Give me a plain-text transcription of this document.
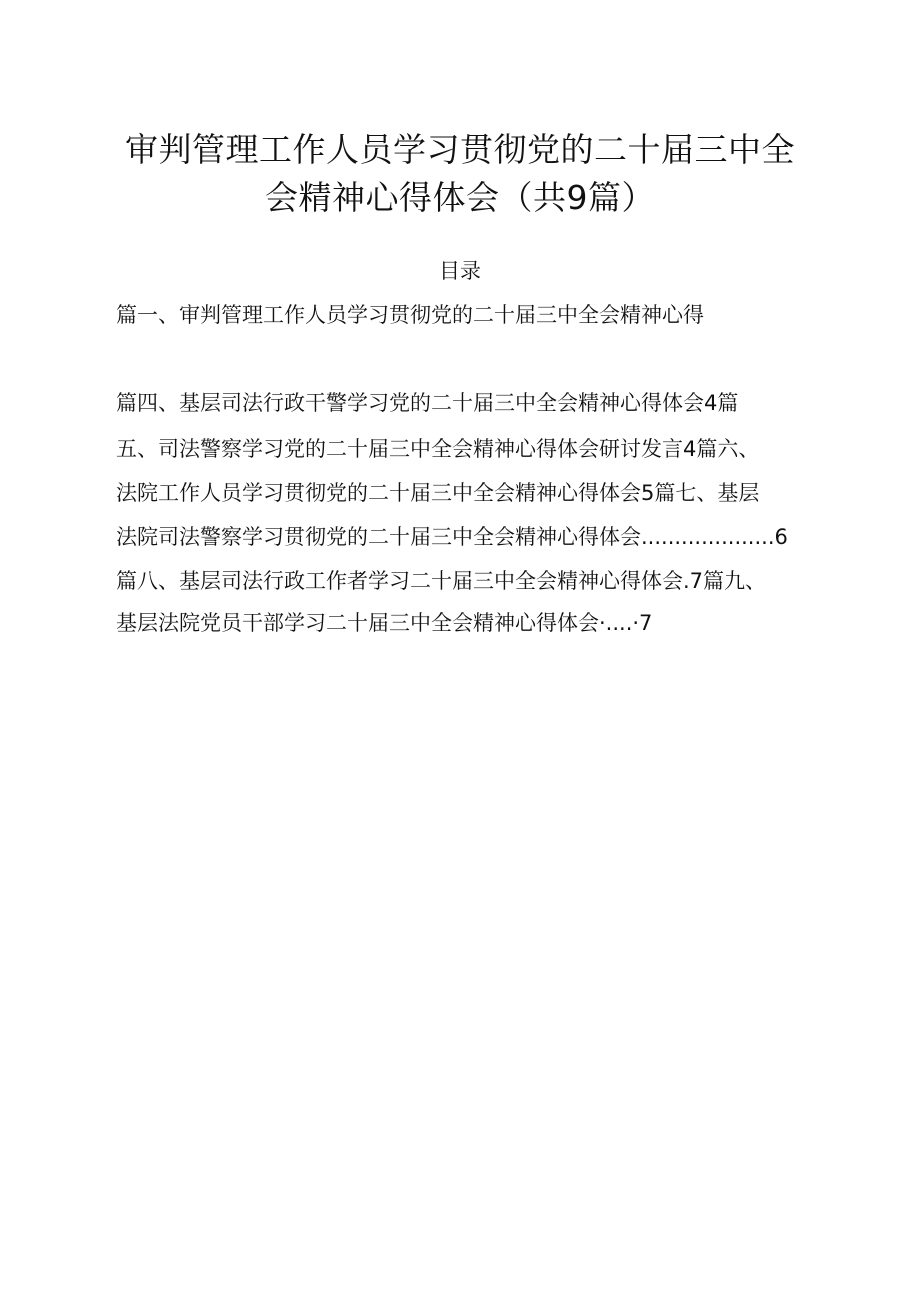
审判管理工作人员学习贯彻党的二十届三中全
会精神心得体会（共9篇）
目录
篇一、审判管理工作人员学习贯彻党的二十届三中全会精神心得
篇四、基层司法行政干警学习党的二十届三中全会精神心得体会4篇
五、司法警察学习党的二十届三中全会精神心得体会研讨发言4篇六、
法院工作人员学习贯彻党的二十届三中全会精神心得体会5篇七、基层
法院司法警察学习贯彻党的二十届三中全会精神心得体会....................6
篇八、基层司法行政工作者学习二十届三中全会精神心得体会.7篇九、
基层法院党员干部学习二十届三中全会精神心得体会·....·7
